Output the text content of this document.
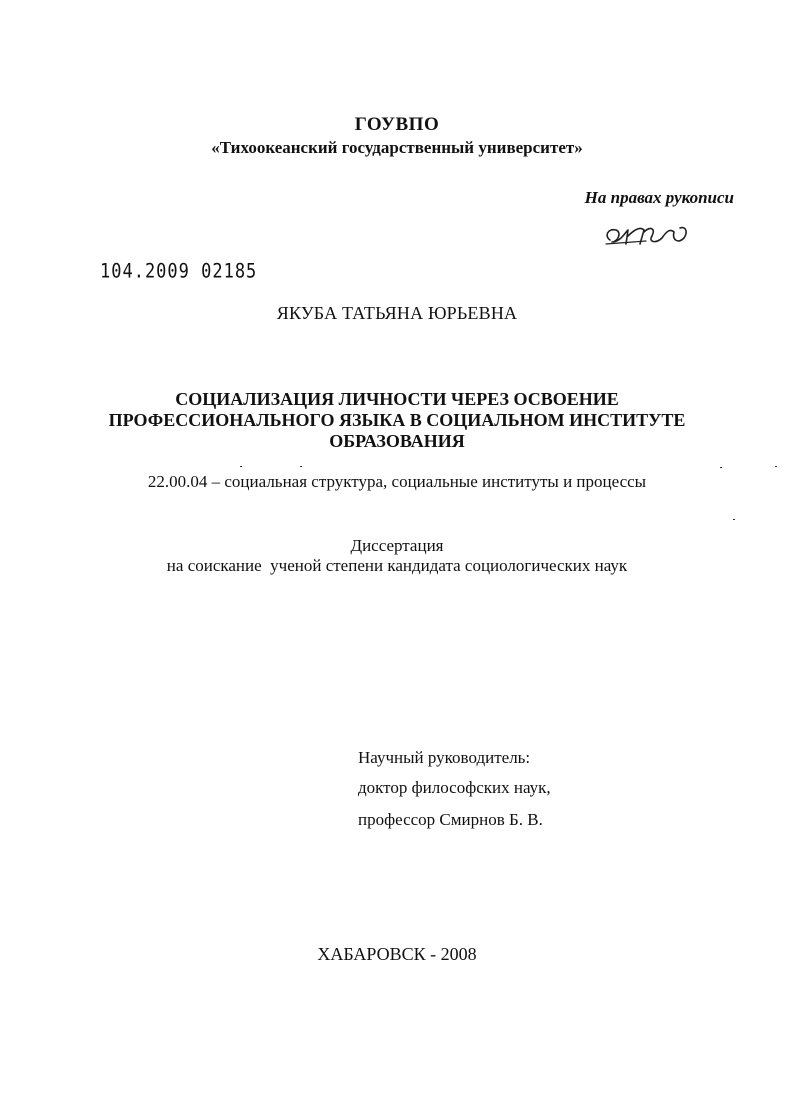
ГОУВПО
«Тихоокеанский государственный университет»
На правах рукописи
104.2009 02185
ЯКУБА ТАТЬЯНА ЮРЬЕВНА
СОЦИАЛИЗАЦИЯ ЛИЧНОСТИ ЧЕРЕЗ ОСВОЕНИЕ
ПРОФЕССИОНАЛЬНОГО ЯЗЫКА В СОЦИАЛЬНОМ ИНСТИТУТЕ
ОБРАЗОВАНИЯ
22.00.04 – социальная структура, социальные институты и процессы
Диссертация
на соискание  ученой степени кандидата социологических наук
Научный руководитель:
доктор философских наук,
профессор Смирнов Б. В.
ХАБАРОВСК - 2008
